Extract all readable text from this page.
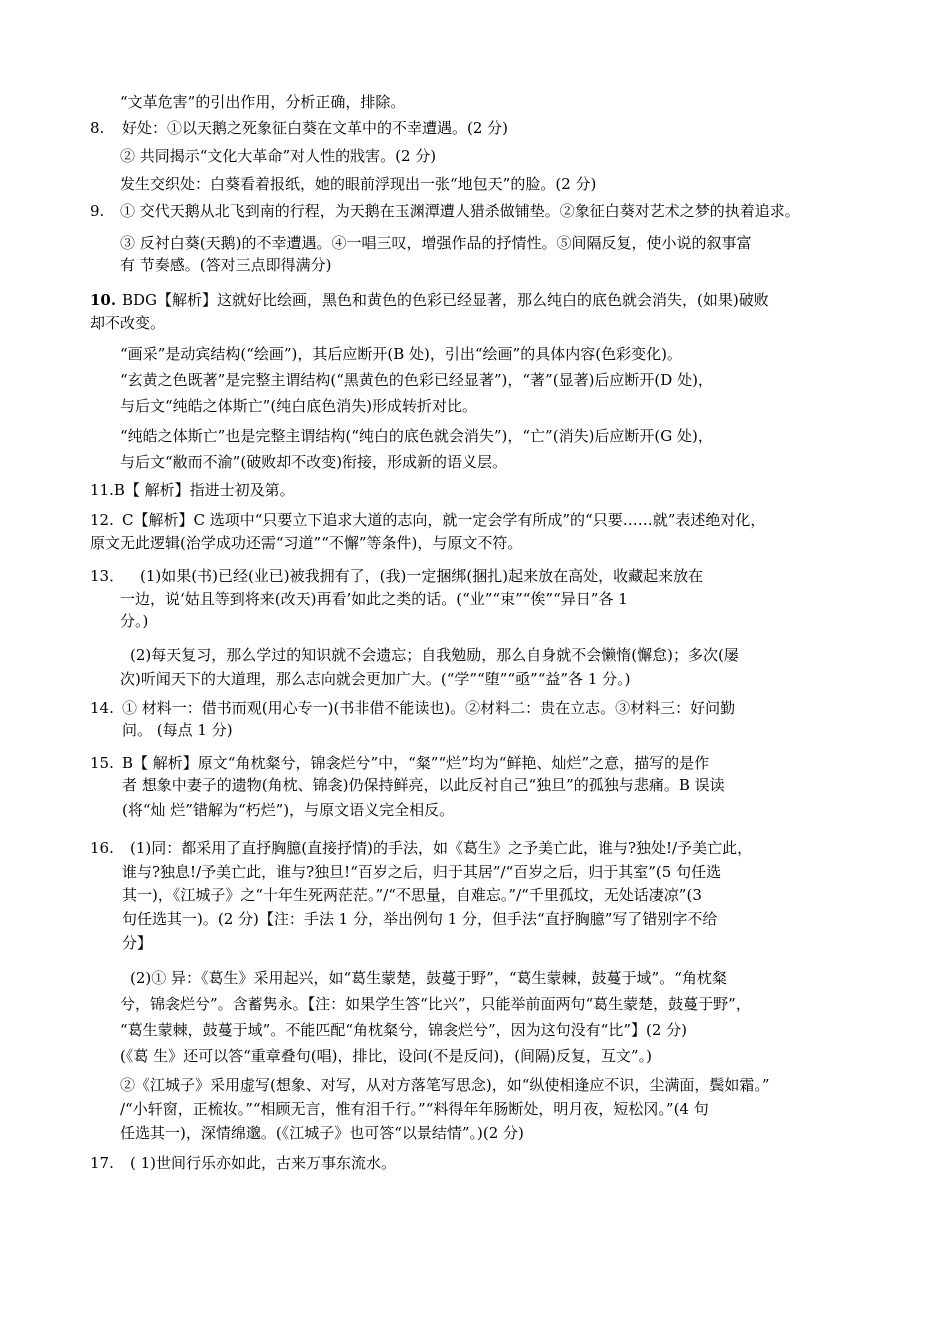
“文革危害”的引出作用，分析正确，排除。
8. 好处：①以天鹅之死象征白葵在文革中的不幸遭遇。(2 分)
② 共同揭示“文化大革命”对人性的戕害。(2 分)
发生交织处：白葵看着报纸，她的眼前浮现出一张“地包天”的脸。(2 分)
9. ① 交代天鹅从北飞到南的行程，为天鹅在玉渊潭遭人猎杀做铺垫。②象征白葵对艺术之梦的执着追求。
③ 反衬白葵(天鹅)的不幸遭遇。④一唱三叹，增强作品的抒情性。⑤间隔反复，使小说的叙事富
有 节奏感。(答对三点即得满分)
10. BDG【解析】这就好比绘画，黑色和黄色的色彩已经显著，那么纯白的底色就会消失，(如果)破败
却不改变。
“画采”是动宾结构(“绘画”)，其后应断开(B 处)，引出“绘画”的具体内容(色彩变化)。
“玄黄之色既著”是完整主谓结构(“黑黄色的色彩已经显著”)，“著”(显著)后应断开(D 处)，
与后文“纯皓之体斯亡”(纯白底色消失)形成转折对比。
“纯皓之体斯亡”也是完整主谓结构(“纯白的底色就会消失”)，“亡”(消失)后应断开(G 处)，
与后文“敝而不渝”(破败却不改变)衔接，形成新的语义层。
11.B【 解析】指进士初及第。
12. C【解析】C 选项中“只要立下追求大道的志向，就一定会学有所成”的“只要……就”表述绝对化，
原文无此逻辑(治学成功还需“习道”“不懈”等条件)，与原文不符。
13． (1)如果(书)已经(业已)被我拥有了，(我)一定捆绑(捆扎)起来放在高处，收藏起来放在
一边，说‘姑且等到将来(改天)再看’如此之类的话。(“业”“束”“俟”“异日”各 1
分。)
(2)每天复习，那么学过的知识就不会遗忘；自我勉励，那么自身就不会懒惰(懈怠)；多次(屡
次)听闻天下的大道理，那么志向就会更加广大。(“学”“堕”“亟”“益”各 1 分。)
14. ① 材料一：借书而观(用心专一)(书非借不能读也)。②材料二：贵在立志。③材料三：好问勤
问。 (每点 1 分)
15. B【 解析】原文“角枕粲兮，锦衾烂兮”中，“粲”“烂”均为“鲜艳、灿烂”之意，描写的是作
者 想象中妻子的遗物(角枕、锦衾)仍保持鲜亮，以此反衬自己“独旦”的孤独与悲痛。B 误读
(将“灿 烂”错解为“朽烂”)，与原文语义完全相反。
16. (1)同：都采用了直抒胸臆(直接抒情)的手法，如《葛生》之予美亡此，谁与?独处!/予美亡此，
谁与?独息!/予美亡此，谁与?独旦!“百岁之后，归于其居”/“百岁之后，归于其室”(5 句任选
其一)，《江城子》之“十年生死两茫茫。”/“不思量，自难忘。”/“千里孤坟，无处话凄凉”(3
句任选其一)。(2 分)【注：手法 1 分，举出例句 1 分，但手法“直抒胸臆”写了错别字不给
分】
(2)① 异：《葛生》采用起兴，如“葛生蒙楚，鼓蔓于野”，“葛生蒙棘，鼓蔓于域”。“角枕粲
兮，锦衾烂兮”。含蓄隽永。【注：如果学生答“比兴”，只能举前面两句“葛生蒙楚，鼓蔓于野”，
“葛生蒙棘，鼓蔓于域”。不能匹配“角枕粲兮，锦衾烂兮”，因为这句没有“比”】(2 分)
(《葛 生》还可以答“重章叠句(唱)，排比，设问(不是反问)，(间隔)反复，互文”。)
②《江城子》采用虚写(想象、对写，从对方落笔写思念)，如“纵使相逢应不识，尘满面，鬓如霜。”
/“小轩窗，正梳妆。”“相顾无言，惟有泪千行。”“料得年年肠断处，明月夜，短松冈。”(4 句
任选其一)，深情绵邈。(《江城子》也可答“以景结情”。)(2 分)
17. ( 1)世间行乐亦如此，古来万事东流水。
